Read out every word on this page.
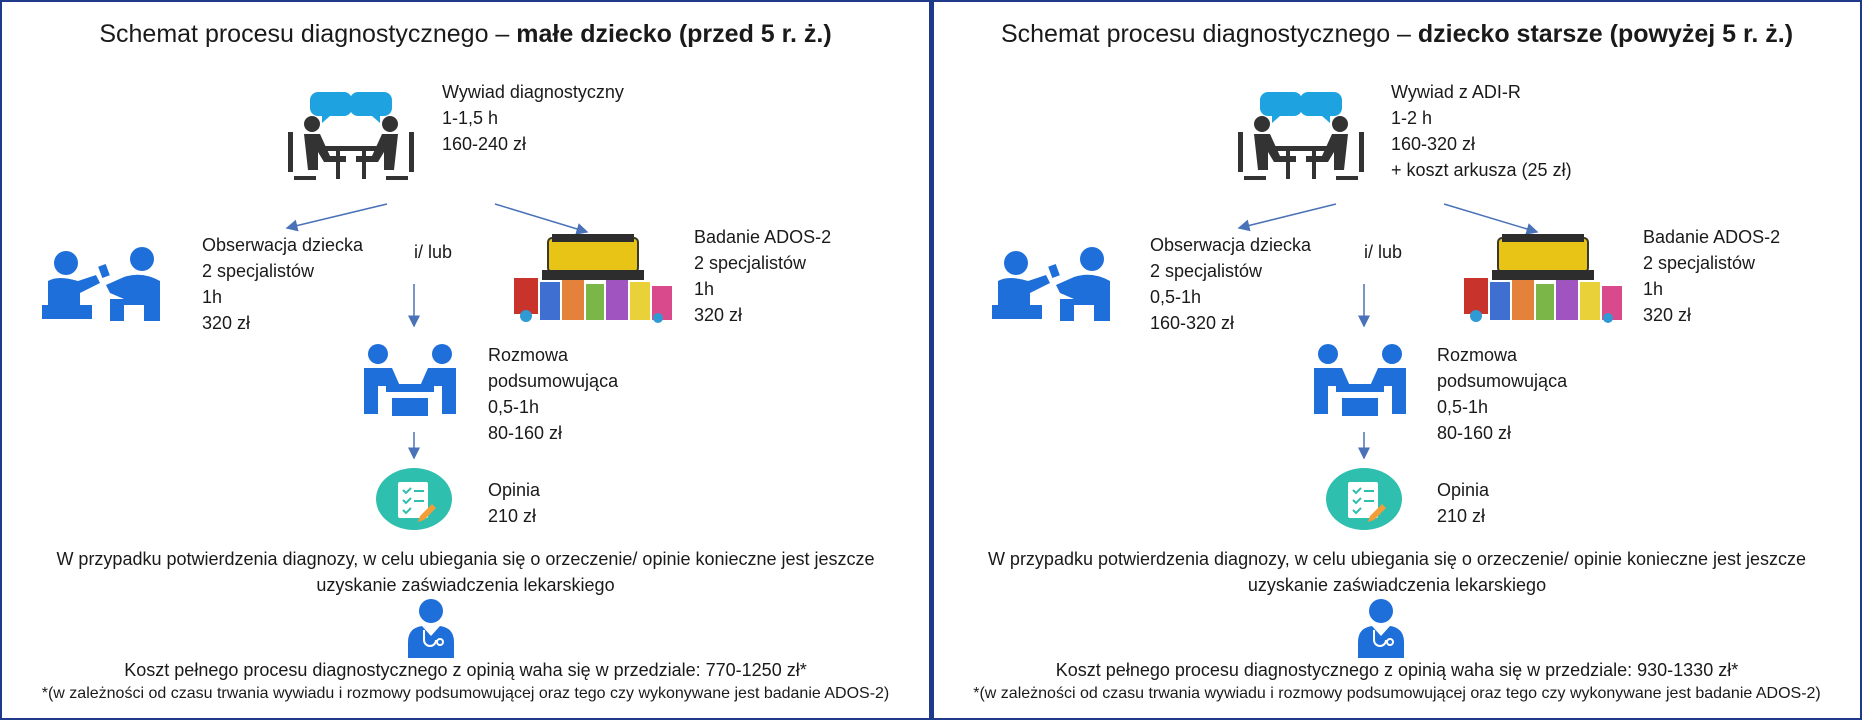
Schemat procesu diagnostycznego – małe dziecko (przed 5 r. ż.)
Wywiad diagnostyczny
1-1,5 h
160-240 zł
Obserwacja dziecka
2 specjalistów
1h
320 zł
i/ lub
Badanie ADOS-2
2 specjalistów
1h
320 zł
Rozmowa
podsumowująca
0,5-1h
80-160 zł
Opinia
210 zł
W przypadku potwierdzenia diagnozy, w celu ubiegania się o orzeczenie/ opinie konieczne jest jeszcze
uzyskanie zaświadczenia lekarskiego
Koszt pełnego procesu diagnostycznego z opinią waha się w przedziale: 770-1250 zł*
*(w zależności od czasu trwania wywiadu i rozmowy podsumowującej oraz tego czy wykonywane jest badanie ADOS-2)
Schemat procesu diagnostycznego – dziecko starsze (powyżej 5 r. ż.)
Wywiad z ADI-R
1-2 h
160-320 zł
+ koszt arkusza (25 zł)
Obserwacja dziecka
2 specjalistów
0,5-1h
160-320 zł
i/ lub
Badanie ADOS-2
2 specjalistów
1h
320 zł
Rozmowa
podsumowująca
0,5-1h
80-160 zł
Opinia
210 zł
W przypadku potwierdzenia diagnozy, w celu ubiegania się o orzeczenie/ opinie konieczne jest jeszcze
uzyskanie zaświadczenia lekarskiego
Koszt pełnego procesu diagnostycznego z opinią waha się w przedziale: 930-1330 zł*
*(w zależności od czasu trwania wywiadu i rozmowy podsumowującej oraz tego czy wykonywane jest badanie ADOS-2)
